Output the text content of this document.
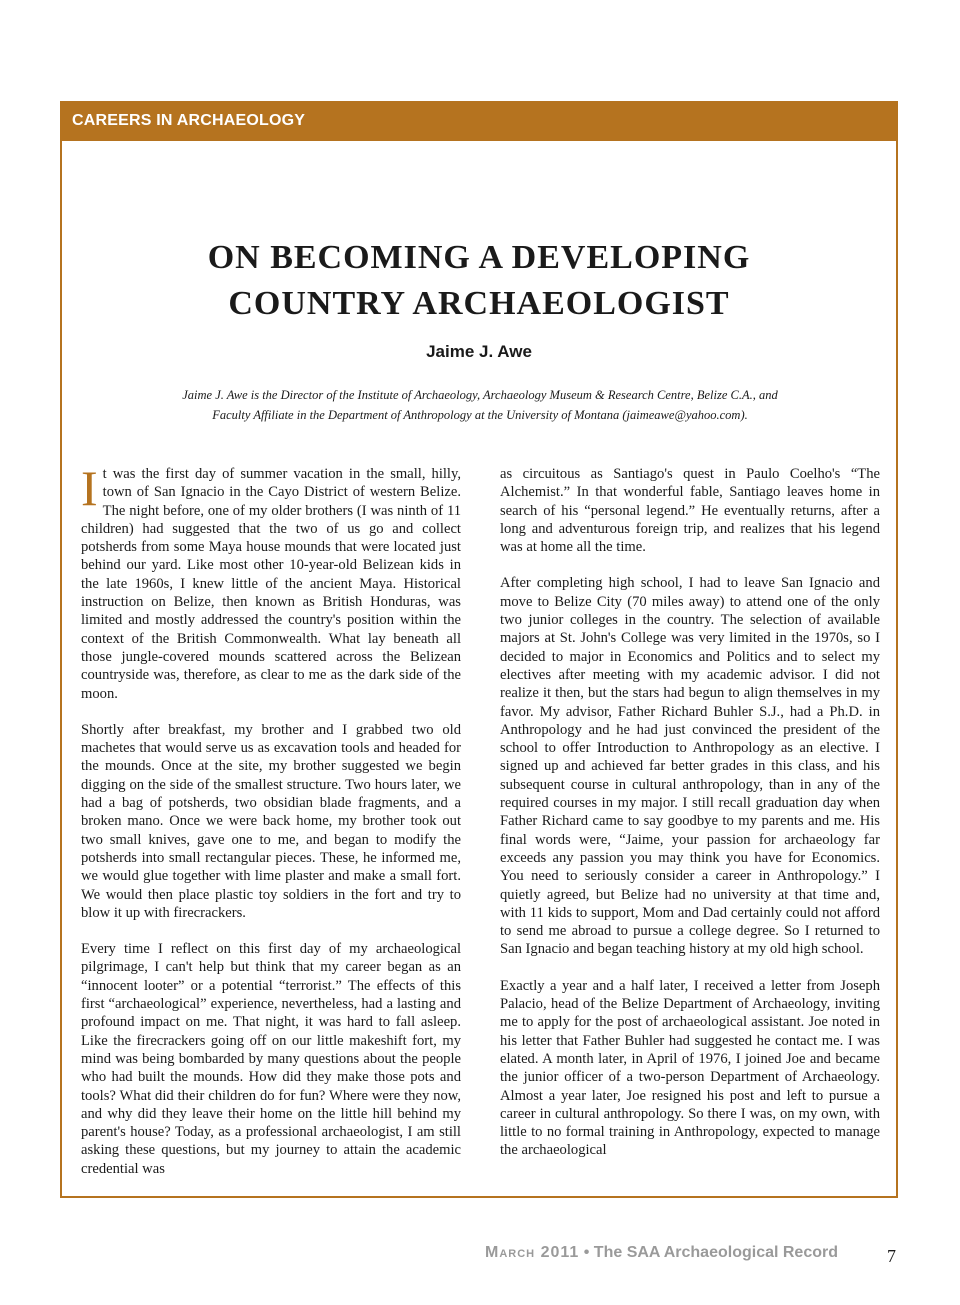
CAREERS IN ARCHAEOLOGY
ON BECOMING A DEVELOPING
COUNTRY ARCHAEOLOGIST
Jaime J. Awe
Jaime J. Awe is the Director of the Institute of Archaeology, Archaeology Museum & Research Centre, Belize C.A., and
Faculty Affiliate in the Department of Anthropology at the University of Montana (jaimeawe@yahoo.com).

It was the first day of summer vacation in the small, hilly, town of San Ignacio in the Cayo District of western Belize. The night before, one of my older brothers (I was ninth of 11 children) had suggested that the two of us go and collect potsherds from some Maya house mounds that were located just behind our yard. Like most other 10-year-old Belizean kids in the late 1960s, I knew little of the ancient Maya. Historical instruction on Belize, then known as British Honduras, was limited and mostly addressed the country's position within the context of the British Commonwealth. What lay beneath all those jungle-covered mounds scattered across the Belizean countryside was, therefore, as clear to me as the dark side of the moon.

Shortly after breakfast, my brother and I grabbed two old machetes that would serve us as excavation tools and headed for the mounds. Once at the site, my brother suggested we begin digging on the side of the smallest structure. Two hours later, we had a bag of potsherds, two obsidian blade fragments, and a broken mano. Once we were back home, my brother took out two small knives, gave one to me, and began to modify the potsherds into small rectangular pieces. These, he informed me, we would glue together with lime plaster and make a small fort. We would then place plastic toy soldiers in the fort and try to blow it up with firecrackers.

Every time I reflect on this first day of my archaeological pilgrimage, I can't help but think that my career began as an “innocent looter” or a potential “terrorist.” The effects of this first “archaeological” experience, nevertheless, had a lasting and profound impact on me. That night, it was hard to fall asleep. Like the firecrackers going off on our little makeshift fort, my mind was being bombarded by many questions about the people who had built the mounds. How did they make those pots and tools? What did their children do for fun? Where were they now, and why did they leave their home on the little hill behind my parent's house? Today, as a professional archaeologist, I am still asking these questions, but my journey to attain the academic credential was

as circuitous as Santiago's quest in Paulo Coelho's “The Alchemist.” In that wonderful fable, Santiago leaves home in search of his “personal legend.” He eventually returns, after a long and adventurous foreign trip, and realizes that his legend was at home all the time.

After completing high school, I had to leave San Ignacio and move to Belize City (70 miles away) to attend one of the only two junior colleges in the country. The selection of available majors at St. John's College was very limited in the 1970s, so I decided to major in Economics and Politics and to select my electives after meeting with my academic advisor. I did not realize it then, but the stars had begun to align themselves in my favor. My advisor, Father Richard Buhler S.J., had a Ph.D. in Anthropology and he had just convinced the president of the school to offer Introduction to Anthropology as an elective. I signed up and achieved far better grades in this class, and his subsequent course in cultural anthropology, than in any of the required courses in my major. I still recall graduation day when Father Richard came to say goodbye to my parents and me. His final words were, “Jaime, your passion for archaeology far exceeds any passion you may think you have for Economics. You need to seriously consider a career in Anthropology.” I quietly agreed, but Belize had no university at that time and, with 11 kids to support, Mom and Dad certainly could not afford to send me abroad to pursue a college degree. So I returned to San Ignacio and began teaching history at my old high school.

Exactly a year and a half later, I received a letter from Joseph Palacio, head of the Belize Department of Archaeology, inviting me to apply for the post of archaeological assistant. Joe noted in his letter that Father Buhler had suggested he contact me. I was elated. A month later, in April of 1976, I joined Joe and became the junior officer of a two-person Department of Archaeology. Almost a year later, Joe resigned his post and left to pursue a career in cultural anthropology. So there I was, on my own, with little to no formal training in Anthropology, expected to manage the archaeological

March 2011 • The SAA Archaeological Record	7
